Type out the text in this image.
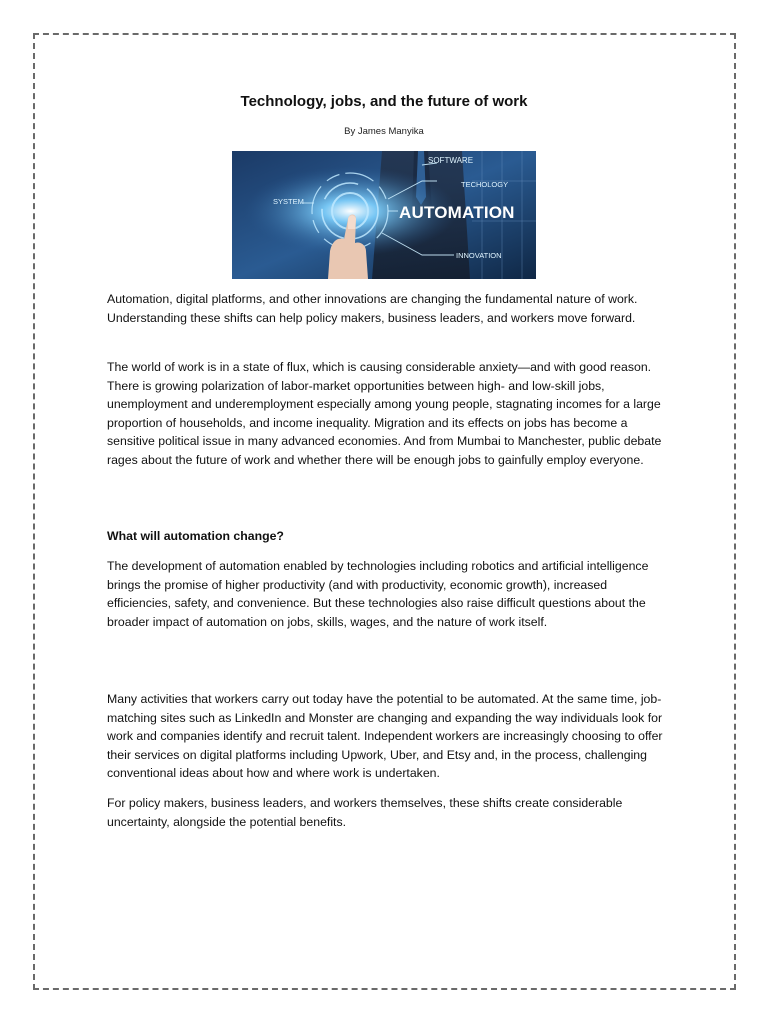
Technology, jobs, and the future of work
By James Manyika
SOFTWARE
TECHOLOGY
SYSTEM
AUTOMATION
INNOVATION

Automation, digital platforms, and other innovations are changing the fundamental nature of work. Understanding these shifts can help policy makers, business leaders, and workers move forward.

The world of work is in a state of flux, which is causing considerable anxiety—and with good reason. There is growing polarization of labor-market opportunities between high- and low-skill jobs, unemployment and underemployment especially among young people, stagnating incomes for a large proportion of households, and income inequality. Migration and its effects on jobs has become a sensitive political issue in many advanced economies. And from Mumbai to Manchester, public debate rages about the future of work and whether there will be enough jobs to gainfully employ everyone.

What will automation change?

The development of automation enabled by technologies including robotics and artificial intelligence brings the promise of higher productivity (and with productivity, economic growth), increased efficiencies, safety, and convenience. But these technologies also raise difficult questions about the broader impact of automation on jobs, skills, wages, and the nature of work itself.

Many activities that workers carry out today have the potential to be automated. At the same time, job-matching sites such as LinkedIn and Monster are changing and expanding the way individuals look for work and companies identify and recruit talent. Independent workers are increasingly choosing to offer their services on digital platforms including Upwork, Uber, and Etsy and, in the process, challenging conventional ideas about how and where work is undertaken.

For policy makers, business leaders, and workers themselves, these shifts create considerable uncertainty, alongside the potential benefits.
